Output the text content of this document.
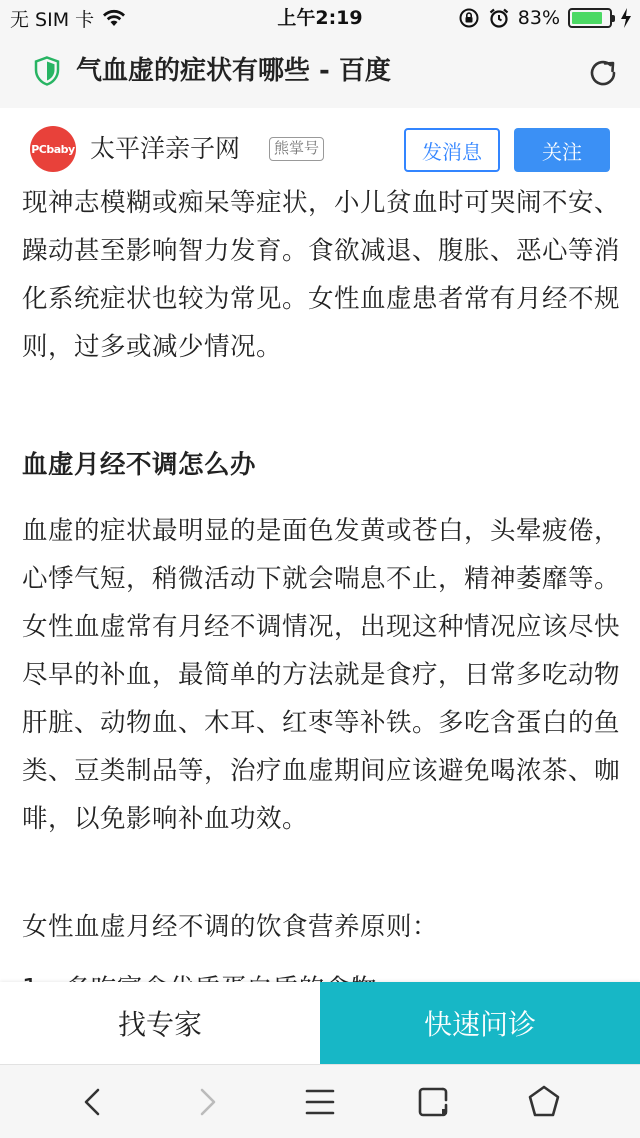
无 SIM 卡	上午2:19	83%
气血虚的症状有哪些 - 百度
PCbaby 太平洋亲子网	熊掌号	发消息	关注

现神志模糊或痴呆等症状，小儿贫血时可哭闹不安、躁动甚至影响智力发育。食欲减退、腹胀、恶心等消化系统症状也较为常见。女性血虚患者常有月经不规则，过多或减少情况。

血虚月经不调怎么办

血虚的症状最明显的是面色发黄或苍白，头晕疲倦，心悸气短，稍微活动下就会喘息不止，精神萎靡等。女性血虚常有月经不调情况，出现这种情况应该尽快尽早的补血，最简单的方法就是食疗，日常多吃动物肝脏、动物血、木耳、红枣等补铁。多吃含蛋白的鱼类、豆类制品等，治疗血虚期间应该避免喝浓茶、咖啡，以免影响补血功效。

女性血虚月经不调的饮食营养原则：

找专家	快速问诊
